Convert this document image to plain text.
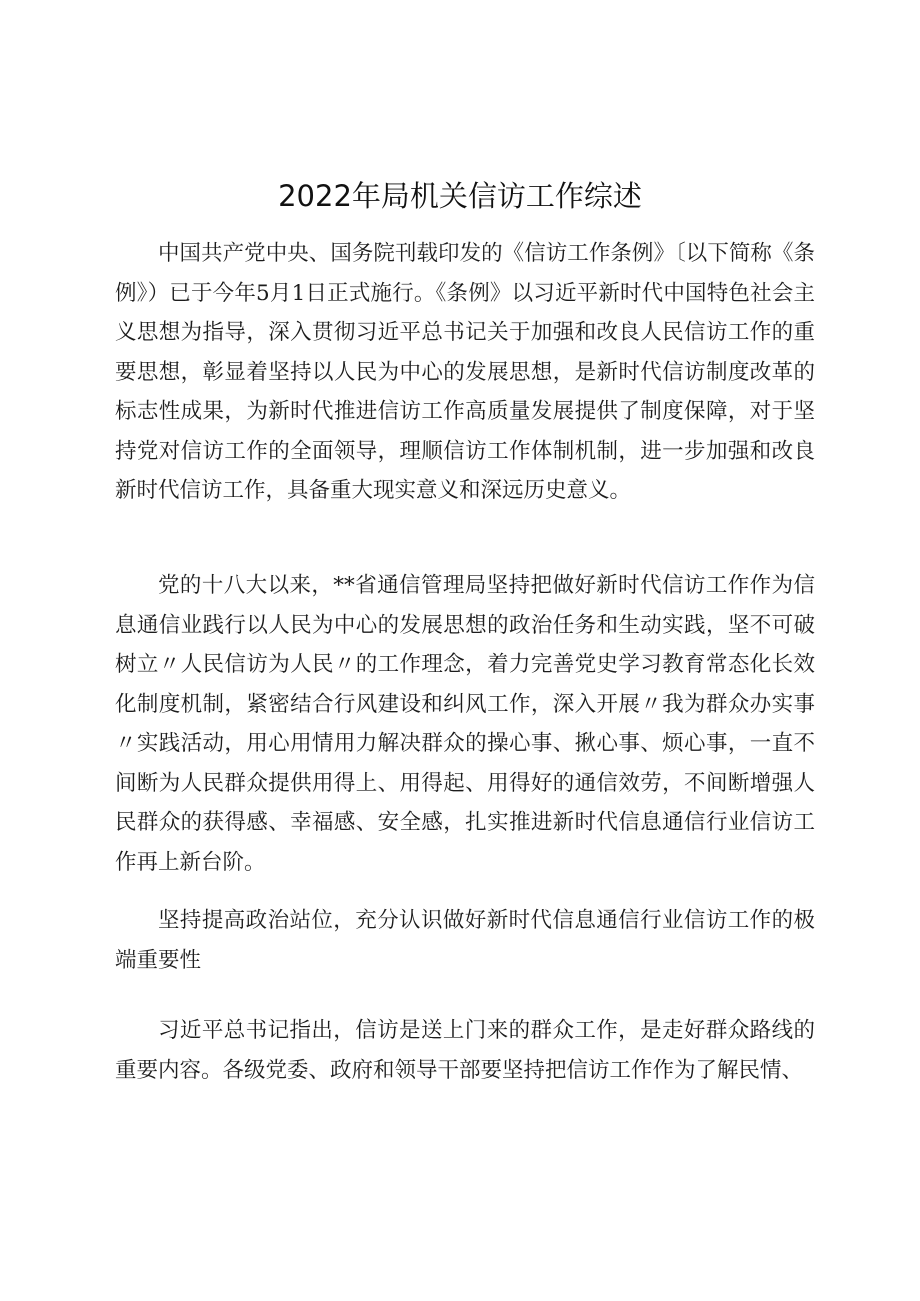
2022年局机关信访工作综述

中国共产党中央、国务院刊载印发的《信访工作条例》〔以下简称《条例》）已于今年5月1日正式施行。《条例》以习近平新时代中国特色社会主义思想为指导，深入贯彻习近平总书记关于加强和改良人民信访工作的重要思想，彰显着坚持以人民为中心的发展思想，是新时代信访制度改革的标志性成果，为新时代推进信访工作高质量发展提供了制度保障，对于坚持党对信访工作的全面领导，理顺信访工作体制机制，进一步加强和改良新时代信访工作，具备重大现实意义和深远历史意义。

党的十八大以来，**省通信管理局坚持把做好新时代信访工作作为信息通信业践行以人民为中心的发展思想的政治任务和生动实践，坚不可破树立〃人民信访为人民〃的工作理念，着力完善党史学习教育常态化长效化制度机制，紧密结合行风建设和纠风工作，深入开展〃我为群众办实事〃实践活动，用心用情用力解决群众的操心事、揪心事、烦心事，一直不间断为人民群众提供用得上、用得起、用得好的通信效劳，不间断增强人民群众的获得感、幸福感、安全感，扎实推进新时代信息通信行业信访工作再上新台阶。

坚持提高政治站位，充分认识做好新时代信息通信行业信访工作的极端重要性

习近平总书记指出，信访是送上门来的群众工作，是走好群众路线的重要内容。各级党委、政府和领导干部要坚持把信访工作作为了解民情、
